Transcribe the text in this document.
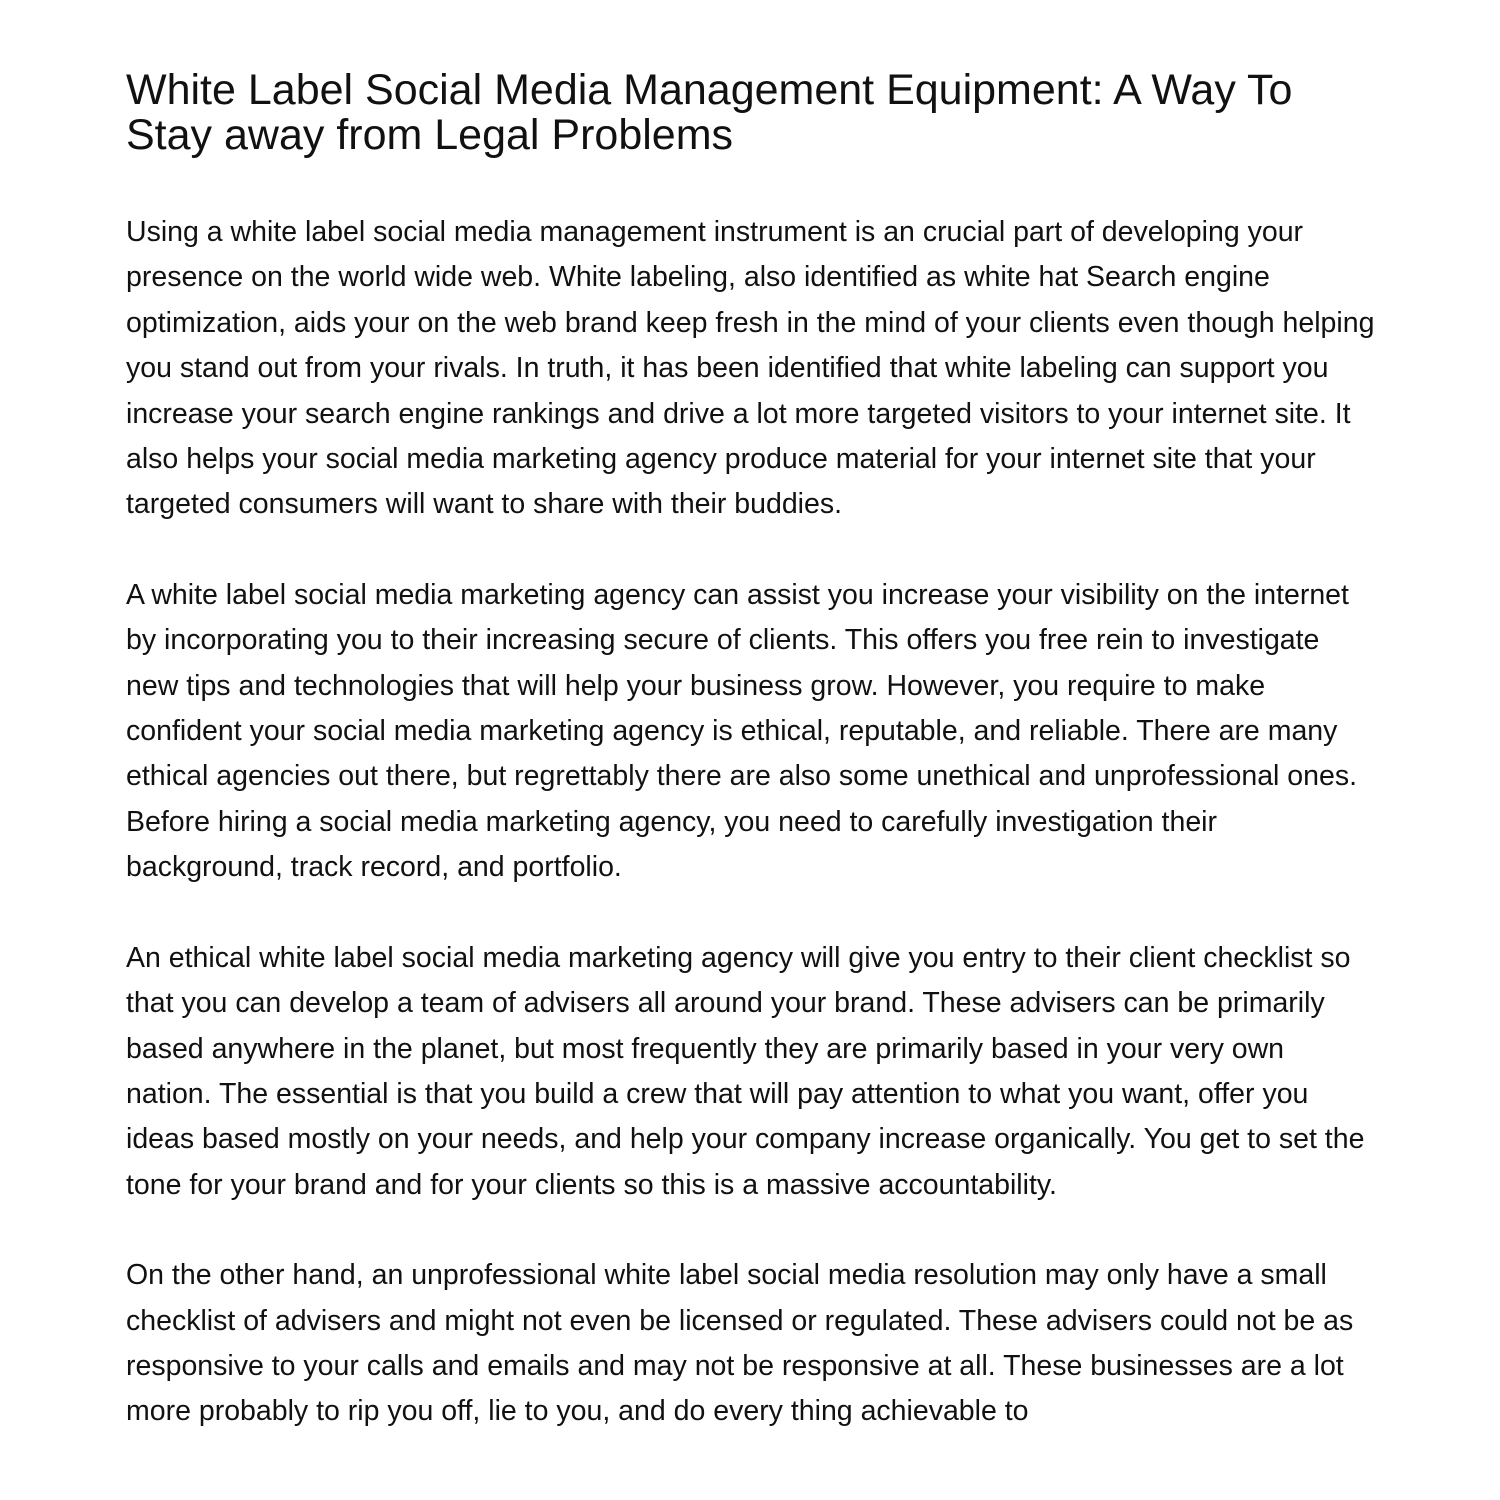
White Label Social Media Management Equipment: A Way To Stay away from Legal Problems

Using a white label social media management instrument is an crucial part of developing your presence on the world wide web. White labeling, also identified as white hat Search engine optimization, aids your on the web brand keep fresh in the mind of your clients even though helping you stand out from your rivals. In truth, it has been identified that white labeling can support you increase your search engine rankings and drive a lot more targeted visitors to your internet site. It also helps your social media marketing agency produce material for your internet site that your targeted consumers will want to share with their buddies.

A white label social media marketing agency can assist you increase your visibility on the internet by incorporating you to their increasing secure of clients. This offers you free rein to investigate new tips and technologies that will help your business grow. However, you require to make confident your social media marketing agency is ethical, reputable, and reliable. There are many ethical agencies out there, but regrettably there are also some unethical and unprofessional ones. Before hiring a social media marketing agency, you need to carefully investigation their background, track record, and portfolio.

An ethical white label social media marketing agency will give you entry to their client checklist so that you can develop a team of advisers all around your brand. These advisers can be primarily based anywhere in the planet, but most frequently they are primarily based in your very own nation. The essential is that you build a crew that will pay attention to what you want, offer you ideas based mostly on your needs, and help your company increase organically. You get to set the tone for your brand and for your clients so this is a massive accountability.

On the other hand, an unprofessional white label social media resolution may only have a small checklist of advisers and might not even be licensed or regulated. These advisers could not be as responsive to your calls and emails and may not be responsive at all. These businesses are a lot more probably to rip you off, lie to you, and do every thing achievable to
